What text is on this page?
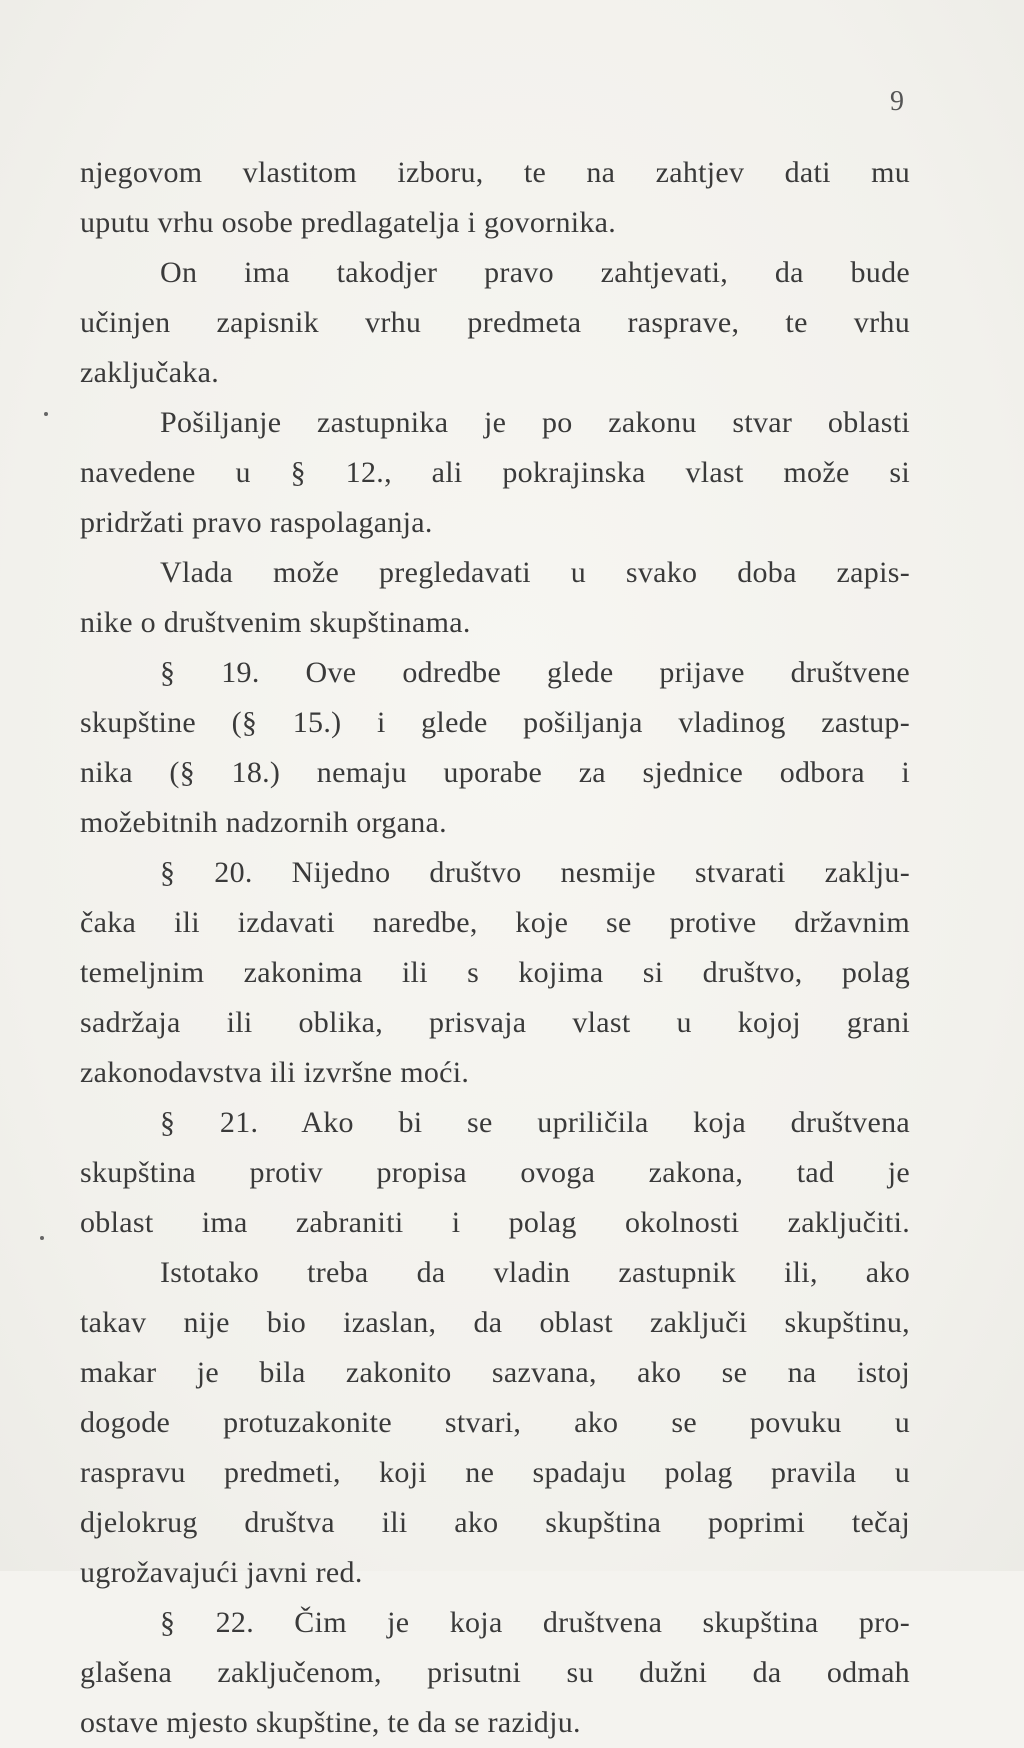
9
njegovom vlastitom izboru, te na zahtjev dati mu
uputu vrhu osobe predlagatelja i govornika.
On ima takodjer pravo zahtjevati, da bude
učinjen zapisnik vrhu predmeta rasprave, te vrhu
zaključaka.
Pošiljanje zastupnika je po zakonu stvar oblasti
navedene u § 12., ali pokrajinska vlast može si
pridržati pravo raspolaganja.
Vlada može pregledavati u svako doba zapis-
nike o društvenim skupštinama.
§ 19. Ove odredbe glede prijave društvene
skupštine (§ 15.) i glede pošiljanja vladinog zastup-
nika (§ 18.) nemaju uporabe za sjednice odbora i
možebitnih nadzornih organa.
§ 20. Nijedno društvo nesmije stvarati zaklju-
čaka ili izdavati naredbe, koje se protive državnim
temeljnim zakonima ili s kojima si društvo, polag
sadržaja ili oblika, prisvaja vlast u kojoj grani
zakonodavstva ili izvršne moći.
§ 21. Ako bi se upriličila koja društvena
skupština protiv propisa ovoga zakona, tad je
oblast ima zabraniti i polag okolnosti zaključiti.
Istotako treba da vladin zastupnik ili, ako
takav nije bio izaslan, da oblast zaključi skupštinu,
makar je bila zakonito sazvana, ako se na istoj
dogode protuzakonite stvari, ako se povuku u
raspravu predmeti, koji ne spadaju polag pravila u
djelokrug društva ili ako skupština poprimi tečaj
ugrožavajući javni red.
§ 22. Čim je koja društvena skupština pro-
glašena zaključenom, prisutni su dužni da odmah
ostave mjesto skupštine, te da se razidju.
